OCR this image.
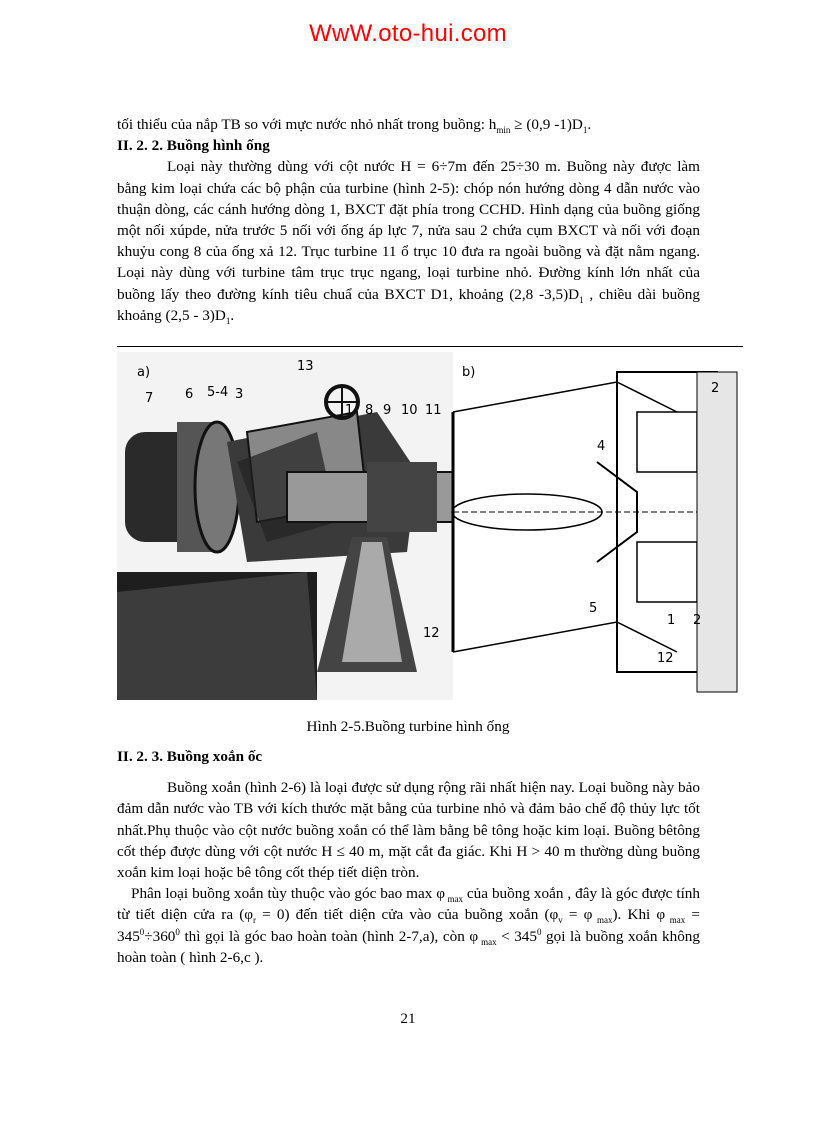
WwW.oto-hui.com

tối thiểu của nắp TB so với mực nước nhỏ nhất trong buồng: $h_{min} \ge (0,9$ $-1)D_1$.

II. 2. 2. Buồng hình ống

Loại này thường dùng với cột nước H = 6÷7m đến 25÷30 m. Buồng này được làm bằng kim loại chứa các bộ phận của turbine (hình 2-5): chóp nón hướng dòng 4 dẫn nước vào thuận dòng, các cánh hướng dòng 1, BXCT đặt phía trong CCHD. Hình dạng của buồng giống một nối xúpde, nửa trước 5 nối với ống áp lực 7, nửa sau 2 chứa cụm BXCT và nối với đoạn khuỷu cong 8 của ống xả 12. Trục turbine 11 ổ trục 10 đưa ra ngoài buồng và đặt nằm ngang. Loại này dùng với turbine tâm trục trục ngang, loại turbine nhỏ. Đường kính lớn nhất của buồng lấy theo đường kính tiêu chuẩ của BXCT D1, khoảng (2,8 $-3,5)D_1$ , chiều dài buồng khoảng $(2,5 - 3)D_1$.

a)	b)
7 6 5-4 3
13
1 8 9 10 11
12
2
5
4
1 2
12
Hình 2-5.Buồng turbine hình ống

II. 2. 3. Buồng xoắn ốc

Buồng xoắn (hình 2-6) là loại được sử dụng rộng rãi nhất hiện nay. Loại buồng này bảo đảm dẫn nước vào TB với kích thước mặt bằng của turbine nhỏ và đảm bảo chế độ thủy lực tốt nhất.Phụ thuộc vào cột nước buồng xoắn có thể làm bằng bê tông hoặc kim loại. Buồng bêtông cốt thép được dùng với cột nước H ≤ 40 m, mặt cắt đa giác. Khi H > 40 m thường dùng buồng xoắn kim loại hoặc bê tông cốt thép tiết diện tròn.

Phân loại buồng xoắn tùy thuộc vào góc bao max φ $_{max}$ của buồng xoắn , đây là góc được tính từ tiết diện cửa ra $(\varphi_r = 0)$ đến tiết diện cửa vào của buồng xoắn ($\varphi_v = \varphi$ $_{max}$). Khi φ $_{max} = 345^0\div 360^0$ thì gọi là góc bao hoàn toàn (hình 2-7,a), còn φ $_{max} < 345^0$ gọi là buồng xoắn không hoàn toàn ( hình 2-6,c ).

21
